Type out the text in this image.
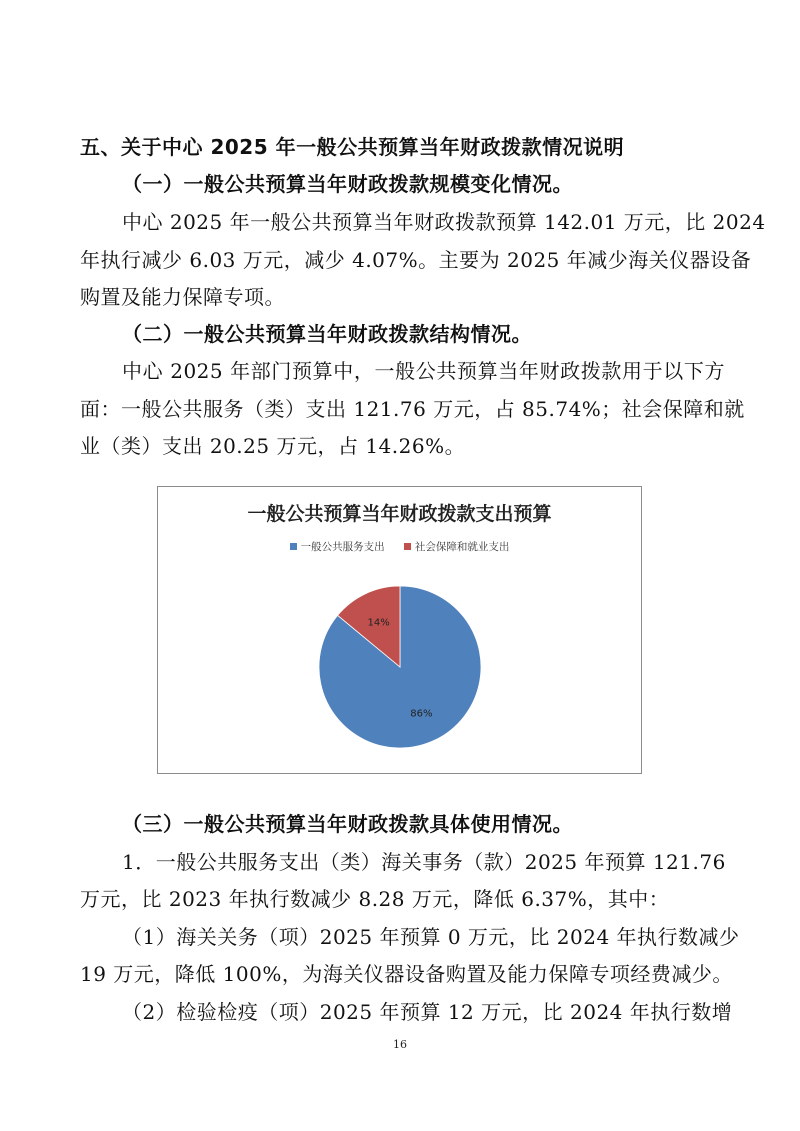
五、关于中心 2025 年一般公共预算当年财政拨款情况说明

（一）一般公共预算当年财政拨款规模变化情况。

中心 2025 年一般公共预算当年财政拨款预算 142.01 万元，比 2024

年执行减少 6.03 万元，减少 4.07%。主要为 2025 年减少海关仪器设备

购置及能力保障专项。

（二）一般公共预算当年财政拨款结构情况。

中心 2025 年部门预算中，一般公共预算当年财政拨款用于以下方

面：一般公共服务（类）支出 121.76 万元，占 85.74%；社会保障和就

业（类）支出 20.25 万元，占 14.26%。

（三）一般公共预算当年财政拨款具体使用情况。

1．一般公共服务支出（类）海关事务（款）2025 年预算 121.76

万元，比 2023 年执行数减少 8.28 万元，降低 6.37%，其中：

（1）海关关务（项）2025 年预算 0 万元，比 2024 年执行数减少

19 万元，降低 100%，为海关仪器设备购置及能力保障专项经费减少。

（2）检验检疫（项）2025 年预算 12 万元，比 2024 年执行数增

一般公共预算当年财政拨款支出预算
一般公共服务支出	社会保障和就业支出
86%
14%
16
